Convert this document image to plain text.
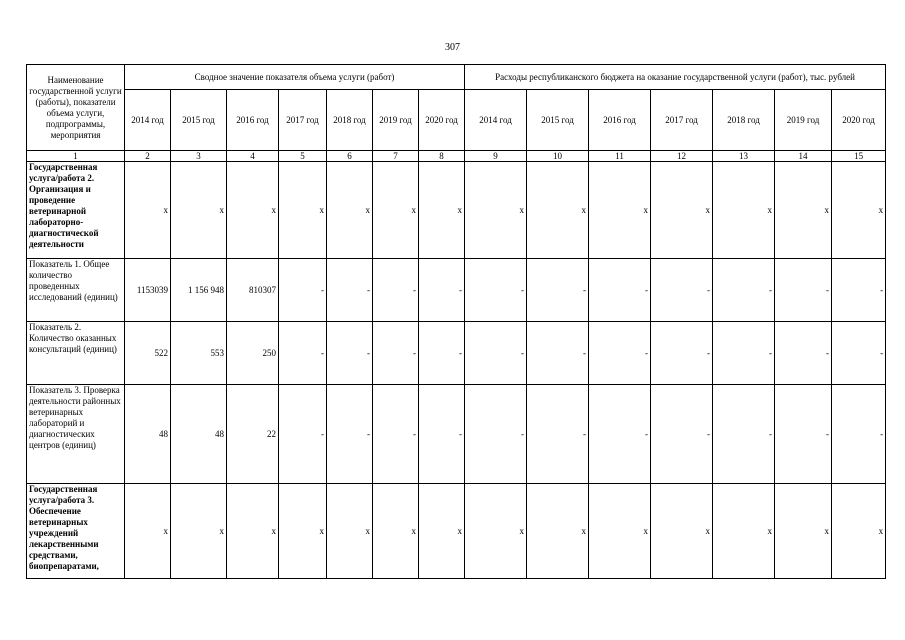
307
Наименование государственной услуги (работы), показатели объема услуги, подпрограммы, мероприятия	Сводное значение показателя объема услуги (работ)							Расходы республиканского бюджета на оказание государственной услуги (работ), тыс. рублей						
	2014 год	2015 год	2016 год	2017 год	2018 год	2019 год	2020 год	2014 год	2015 год	2016 год	2017 год	2018 год	2019 год	2020 год
1	2	3	4	5	6	7	8	9	10	11	12	13	14	15
Государственная услуга/работа 2. Организация и проведение ветеринарной лабораторно-диагностической деятельности	x	x	x	x	x	x	x	x	x	x	x	x	x	x
Показатель 1. Общее количество проведенных исследований (единиц)	1153039	1 156 948	810307	-	-	-	-	-	-	-	-	-	-	-
Показатель 2. Количество оказанных консультаций (единиц)	522	553	250	-	-	-	-	-	-	-	-	-	-	-
Показатель 3. Проверка деятельности районных ветеринарных лабораторий и диагностических центров (единиц)	48	48	22	-	-	-	-	-	-	-	-	-	-	-
Государственная услуга/работа 3. Обеспечение ветеринарных учреждений лекарственными средствами, биопрепаратами,	x	x	x	x	x	x	x	x	x	x	x	x	x	x
